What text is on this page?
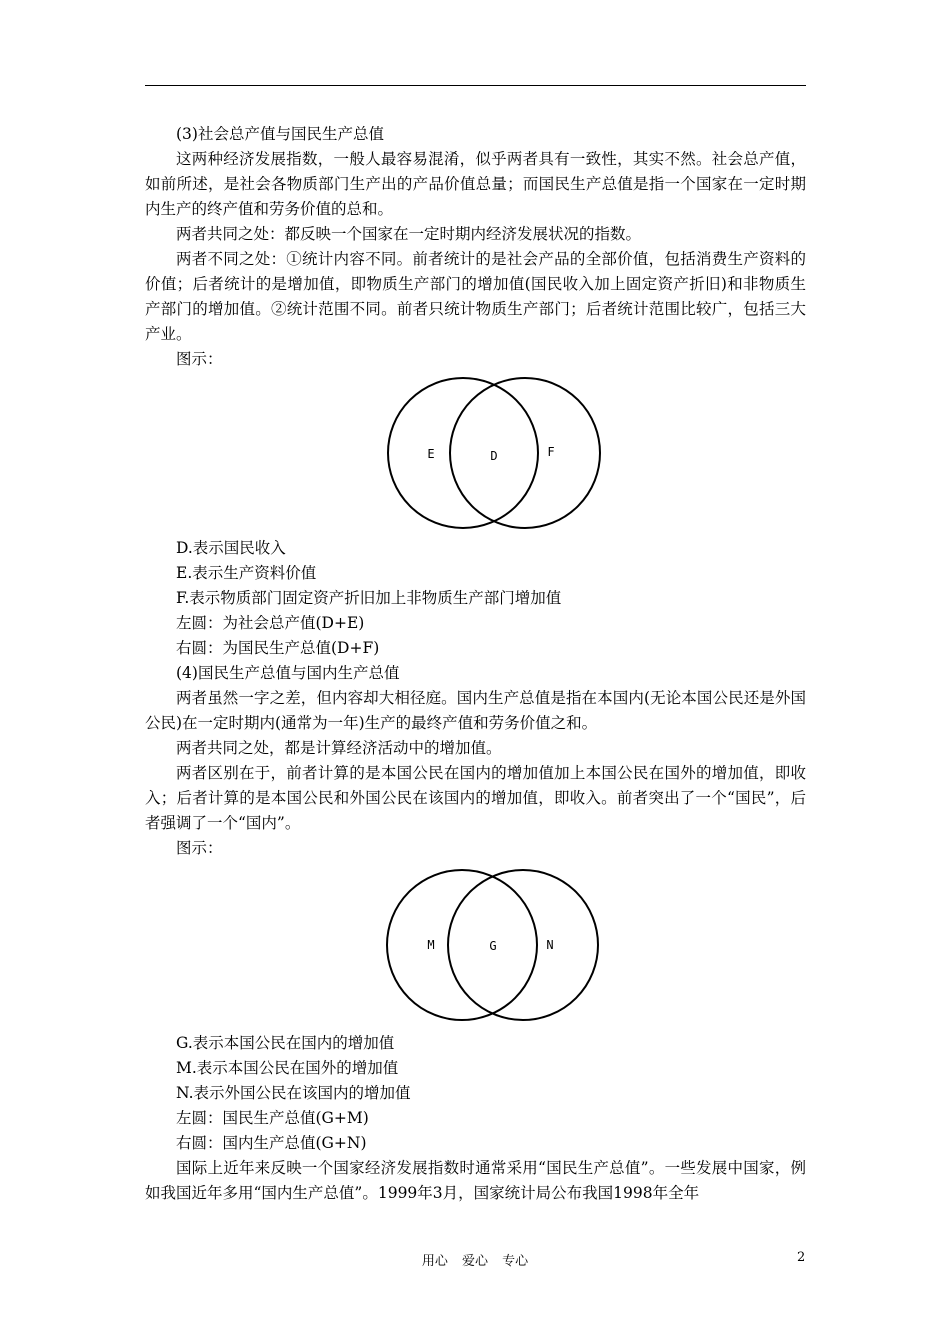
(3)社会总产值与国民生产总值

这两种经济发展指数，一般人最容易混淆，似乎两者具有一致性，其实不然。社会总产值，如前所述，是社会各物质部门生产出的产品价值总量；而国民生产总值是指一个国家在一定时期内生产的终产值和劳务价值的总和。

两者共同之处：都反映一个国家在一定时期内经济发展状况的指数。

两者不同之处：①统计内容不同。前者统计的是社会产品的全部价值，包括消费生产资料的价值；后者统计的是增加值，即物质生产部门的增加值(国民收入加上固定资产折旧)和非物质生产部门的增加值。②统计范围不同。前者只统计物质生产部门；后者统计范围比较广，包括三大产业。

图示：

E	D	F

D.表示国民收入

E.表示生产资料价值

F.表示物质部门固定资产折旧加上非物质生产部门增加值

左圆：为社会总产值(D+E)

右圆：为国民生产总值(D+F)

(4)国民生产总值与国内生产总值

两者虽然一字之差，但内容却大相径庭。国内生产总值是指在本国内(无论本国公民还是外国公民)在一定时期内(通常为一年)生产的最终产值和劳务价值之和。

两者共同之处，都是计算经济活动中的增加值。

两者区别在于，前者计算的是本国公民在国内的增加值加上本国公民在国外的增加值，即收入；后者计算的是本国公民和外国公民在该国内的增加值，即收入。前者突出了一个“国民”，后者强调了一个“国内”。

图示：

M	G	N

G.表示本国公民在国内的增加值

M.表示本国公民在国外的增加值

N.表示外国公民在该国内的增加值

左圆：国民生产总值(G+M)

右圆：国内生产总值(G+N)

国际上近年来反映一个国家经济发展指数时通常采用“国民生产总值”。一些发展中国家，例如我国近年多用“国内生产总值”。1999年3月，国家统计局公布我国1998年全年

用心 爱心 专心	2
